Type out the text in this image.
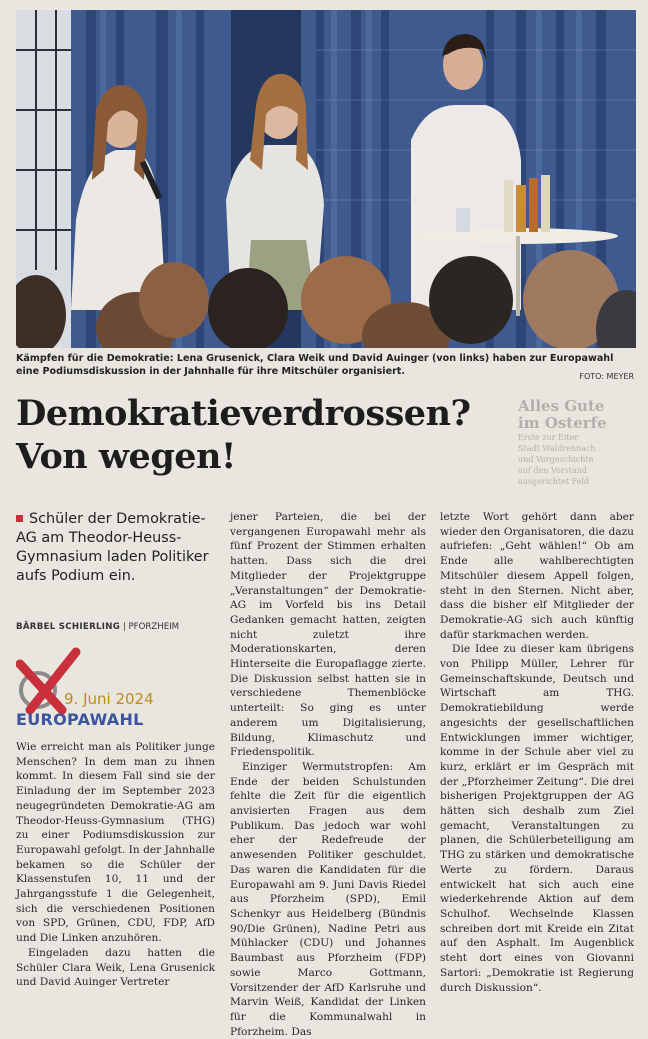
Kämpfen für die Demokratie: Lena Grusenick, Clara Weik und David Auinger (von links) haben zur Europawahl eine Podiumsdiskussion in der Jahnhalle für ihre Mitschüler organisiert.	FOTO: MEYER
Alles Gute
im Osterfe
Erste zur Eiter
Stadt Waldrennach
und Vorgeschichte
auf den Vorstand
ausgerichtet Feld
Demokratieverdrossen?
Von wegen!
Schüler der Demokratie-AG am Theodor-Heuss-Gymnasium laden Politiker aufs Podium ein.
BÄRBEL SCHIERLING | PFORZHEIM
9. Juni 2024
EUROPAWAHL

Wie erreicht man als Politiker junge Menschen? In dem man zu ihnen kommt. In diesem Fall sind sie der Einladung der im September 2023 neugegründeten Demokratie-AG am Theodor-Heuss-Gymnasium (THG) zu einer Podiumsdiskussion zur Europawahl gefolgt. In der Jahnhalle bekamen so die Schüler der Klassenstufen 10, 11 und der Jahrgangsstufe 1 die Gelegenheit, sich die verschiedenen Positionen von SPD, Grünen, CDU, FDP, AfD und Die Linken anzuhören.

Eingeladen dazu hatten die Schüler Clara Weik, Lena Grusenick und David Auinger Vertreter

jener Parteien, die bei der vergangenen Europawahl mehr als fünf Prozent der Stimmen erhalten hatten. Dass sich die drei Mitglieder der Projektgruppe „Veranstaltungen“ der Demokratie-AG im Vorfeld bis ins Detail Gedanken gemacht hatten, zeigten nicht zuletzt ihre Moderationskarten, deren Hinterseite die Europaflagge zierte. Die Diskussion selbst hatten sie in verschiedene Themenblöcke unterteilt: So ging es unter anderem um Digitalisierung, Bildung, Klimaschutz und Friedenspolitik.

Einziger Wermutstropfen: Am Ende der beiden Schulstunden fehlte die Zeit für die eigentlich anvisierten Fragen aus dem Publikum. Das jedoch war wohl eher der Redefreude der anwesenden Politiker geschuldet. Das waren die Kandidaten für die Europawahl am 9. Juni Davis Riedel aus Pforzheim (SPD), Emil Schenkyr aus Heidelberg (Bündnis 90/Die Grünen), Nadine Petri aus Mühlacker (CDU) und Johannes Baumbast aus Pforzheim (FDP) sowie Marco Gottmann, Vorsitzender der AfD Karlsruhe und Marvin Weiß, Kandidat der Linken für die Kommunalwahl in Pforzheim. Das

letzte Wort gehört dann aber wieder den Organisatoren, die dazu aufriefen: „Geht wählen!“ Ob am Ende alle wahlberechtigten Mitschüler diesem Appell folgen, steht in den Sternen. Nicht aber, dass die bisher elf Mitglieder der Demokratie-AG sich auch künftig dafür starkmachen werden.

Die Idee zu dieser kam übrigens von Philipp Müller, Lehrer für Gemeinschaftskunde, Deutsch und Wirtschaft am THG. Demokratiebildung werde angesichts der gesellschaftlichen Entwicklungen immer wichtiger, komme in der Schule aber viel zu kurz, erklärt er im Gespräch mit der „Pforzheimer Zeitung“. Die drei bisherigen Projektgruppen der AG hätten sich deshalb zum Ziel gemacht, Veranstaltungen zu planen, die Schülerbeteiligung am THG zu stärken und demokratische Werte zu fördern. Daraus entwickelt hat sich auch eine wiederkehrende Aktion auf dem Schulhof. Wechselnde Klassen schreiben dort mit Kreide ein Zitat auf den Asphalt. Im Augenblick steht dort eines von Giovanni Sartori: „Demokratie ist Regierung durch Diskussion“.
